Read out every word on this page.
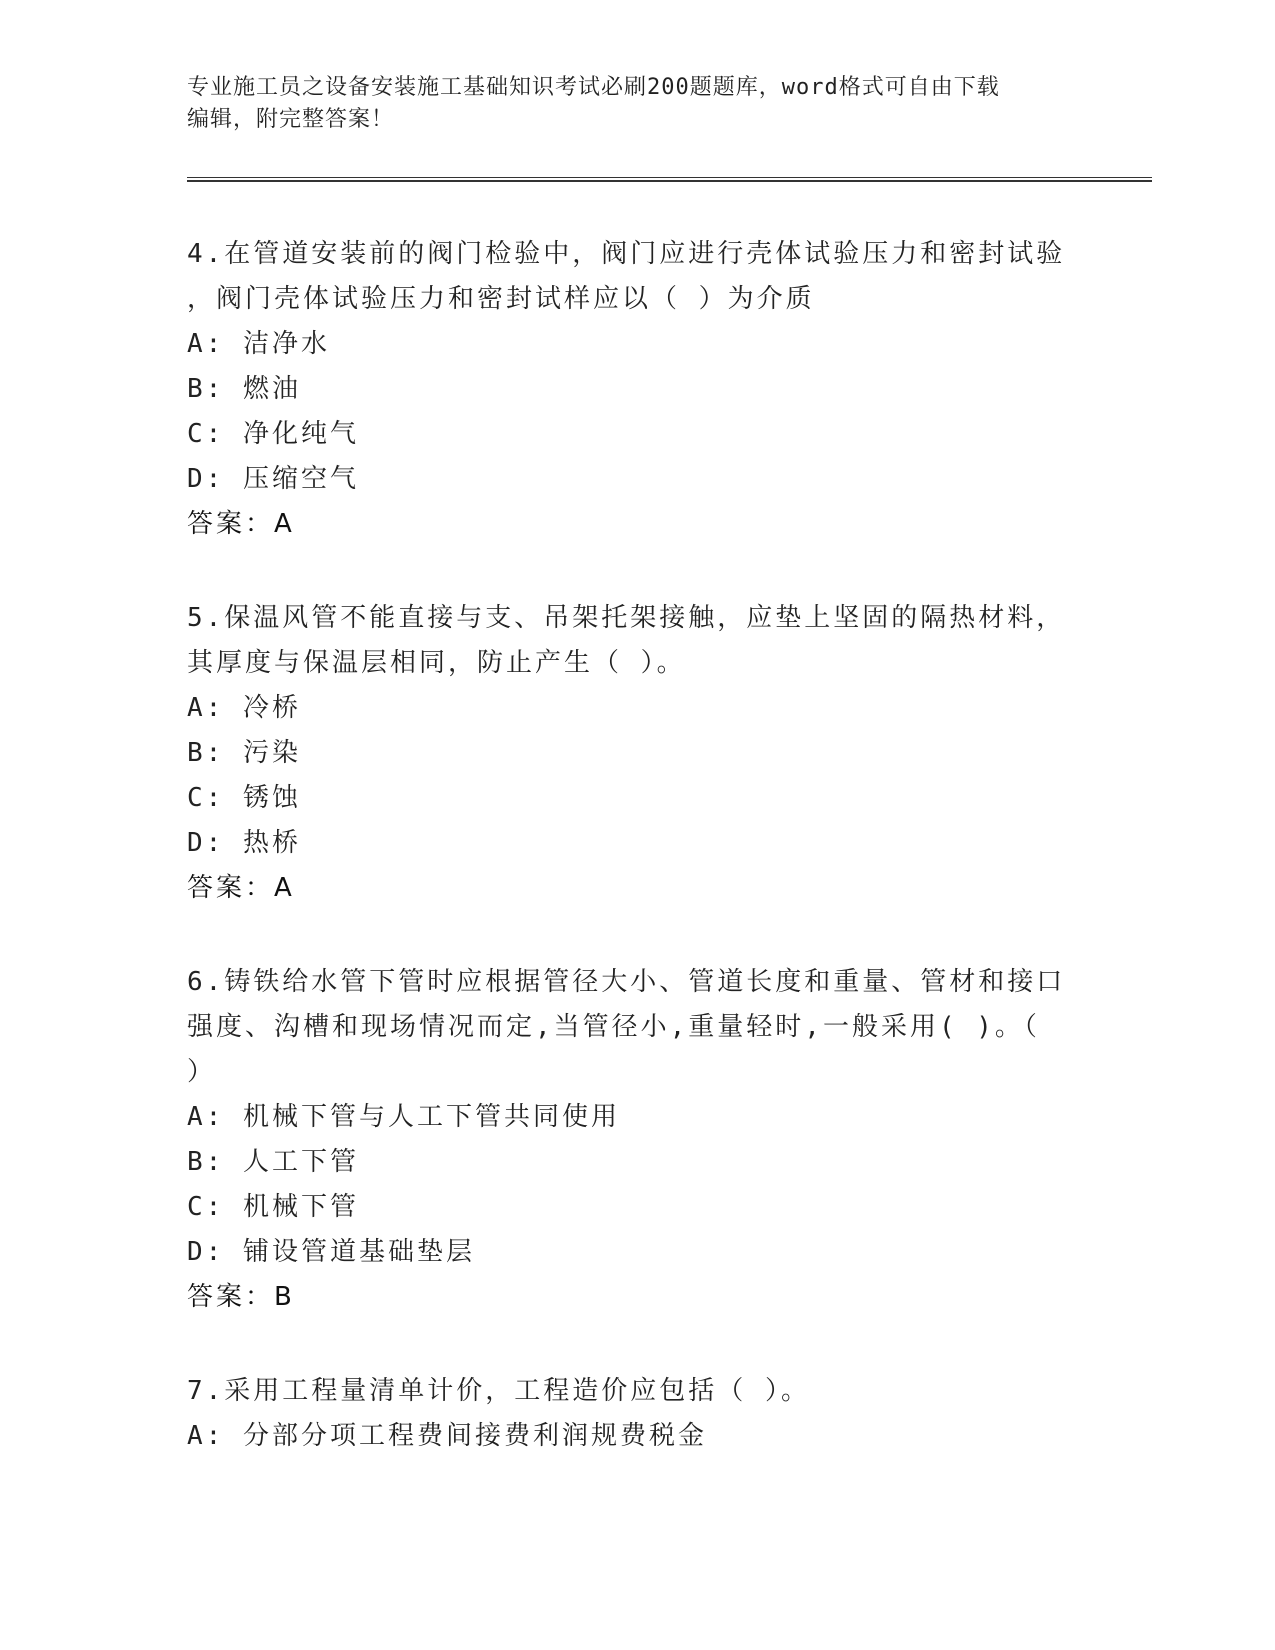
专业施工员之设备安装施工基础知识考试必刷200题题库，word格式可自由下载
编辑，附完整答案！

4.在管道安装前的阀门检验中，阀门应进行壳体试验压力和密封试验

，阀门壳体试验压力和密封试样应以（ ）为介质

A: 洁净水

B: 燃油

C: 净化纯气

D: 压缩空气

答案：A

5.保温风管不能直接与支、吊架托架接触，应垫上坚固的隔热材料，

其厚度与保温层相同，防止产生（ ）。

A: 冷桥

B: 污染

C: 锈蚀

D: 热桥

答案：A

6.铸铁给水管下管时应根据管径大小、管道长度和重量、管材和接口

强度、沟槽和现场情况而定,当管径小,重量轻时,一般采用( )。（

）

A: 机械下管与人工下管共同使用

B: 人工下管

C: 机械下管

D: 铺设管道基础垫层

答案：B

7.采用工程量清单计价，工程造价应包括（ ）。

A: 分部分项工程费间接费利润规费税金
